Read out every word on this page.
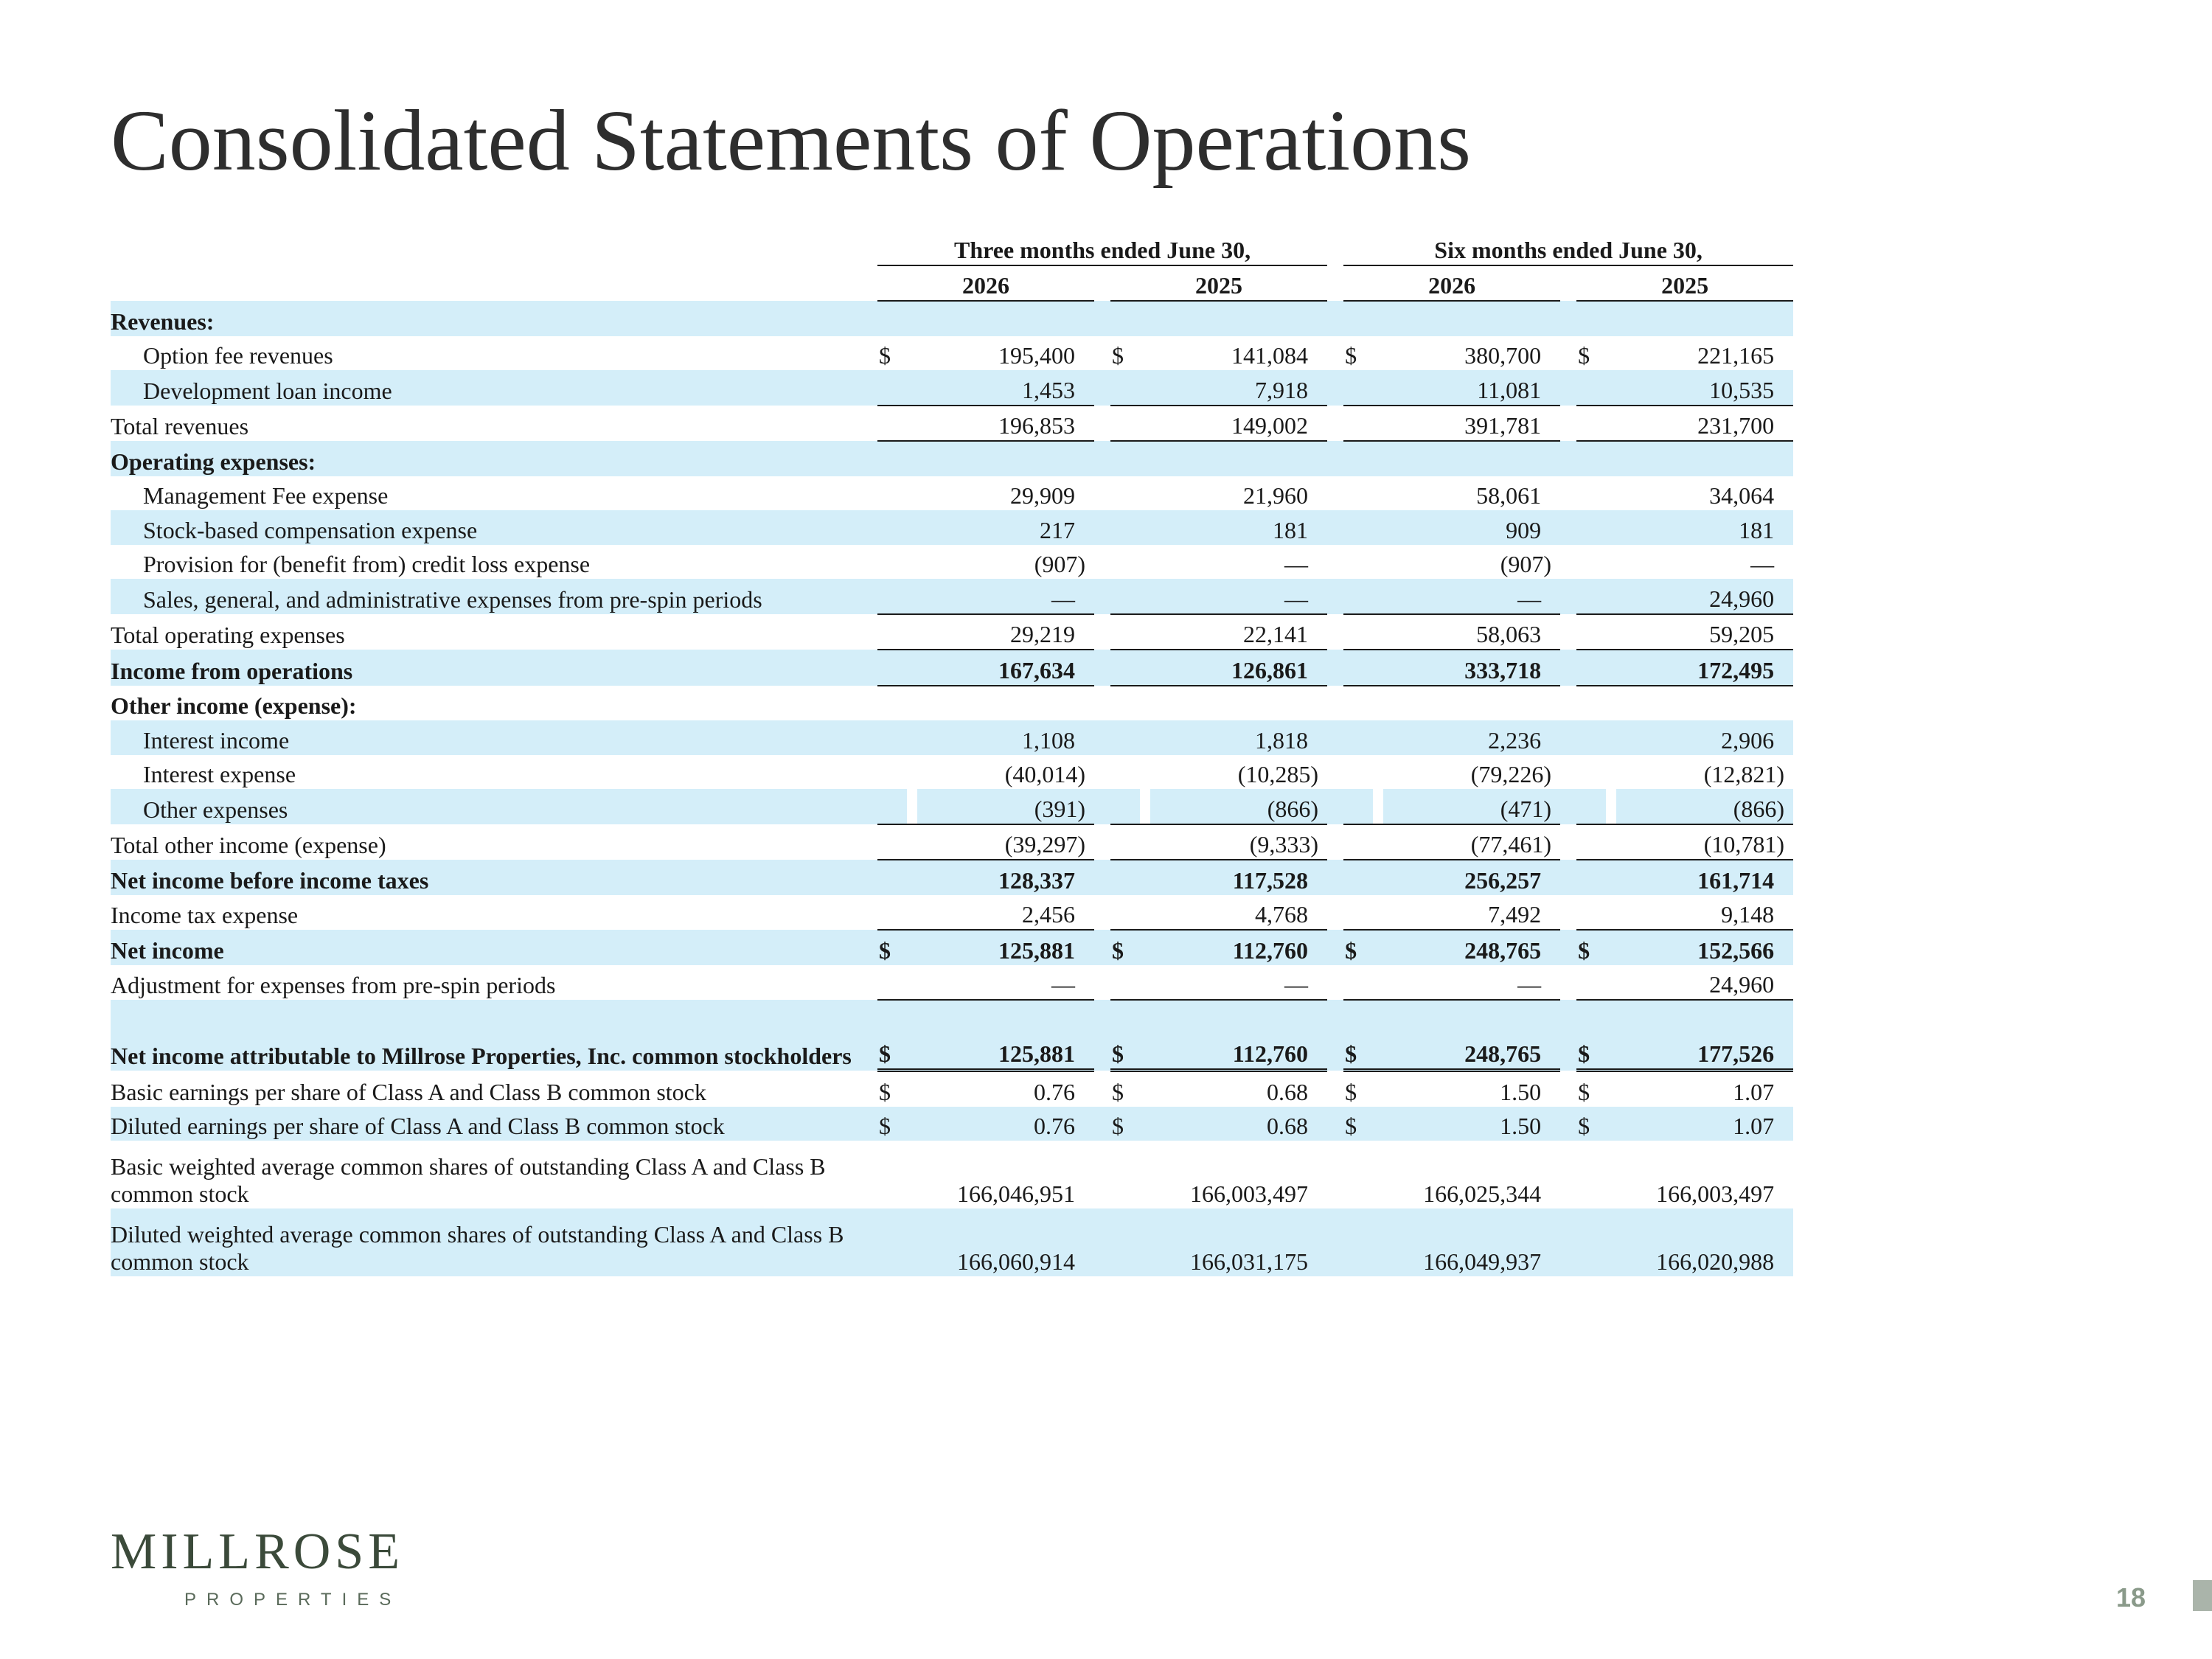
Consolidated Statements of Operations
	Three months ended June 30,		Six months ended June 30,
	2026		2025		2026		2025
Revenues:															
Option fee revenues	$	195,400			$	141,084			$	380,700			$	221,165	
Development loan income		1,453				7,918				11,081				10,535	
Total revenues		196,853				149,002				391,781				231,700	
Operating expenses:															
Management Fee expense		29,909				21,960				58,061				34,064	
Stock-based compensation expense		217				181				909				181	
Provision for (benefit from) credit loss expense		(907)				—				(907)				—	
Sales, general, and administrative expenses from pre-spin periods		—				—				—				24,960	
Total operating expenses		29,219				22,141				58,063				59,205	
Income from operations		167,634				126,861				333,718				172,495	
Other income (expense):															
Interest income		1,108				1,818				2,236				2,906	
Interest expense		(40,014)				(10,285)				(79,226)				(12,821)	
Other expenses		(391)				(866)				(471)				(866)	
Total other income (expense)		(39,297)				(9,333)				(77,461)				(10,781)	
Net income before income taxes		128,337				117,528				256,257				161,714	
Income tax expense		2,456				4,768				7,492				9,148	
Net income	$	125,881			$	112,760			$	248,765			$	152,566	
Adjustment for expenses from pre-spin periods		—				—				—				24,960	
Net income attributable to Millrose Properties, Inc. common stockholders	$	125,881			$	112,760			$	248,765			$	177,526	
Basic earnings per share of Class A and Class B common stock	$	0.76			$	0.68			$	1.50			$	1.07	
Diluted earnings per share of Class A and Class B common stock	$	0.76			$	0.68			$	1.50			$	1.07	
Basic weighted average common shares of outstanding Class A and Class B common stock		166,046,951				166,003,497				166,025,344				166,003,497	
Diluted weighted average common shares of outstanding Class A and Class B common stock		166,060,914				166,031,175				166,049,937				166,020,988	
MILLROSE
PROPERTIES	18
